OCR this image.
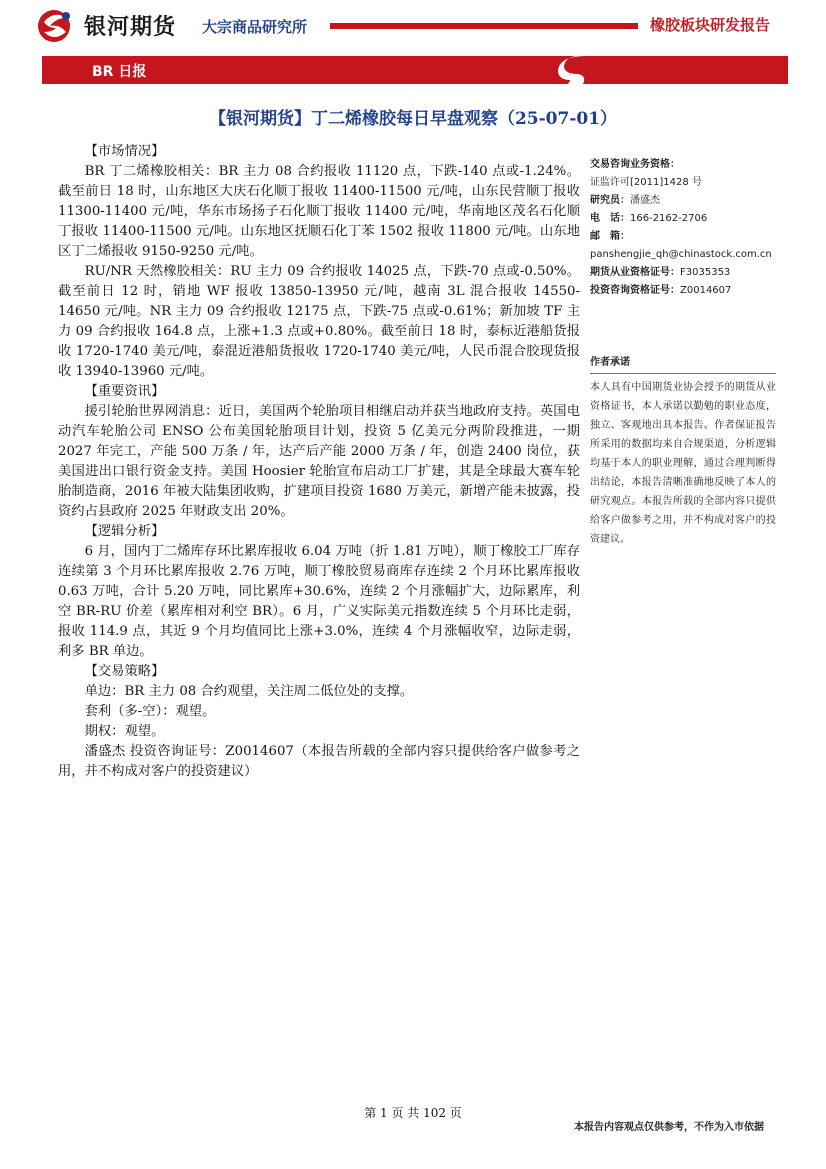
银河期货 大宗商品研究所	橡胶板块研发报告
BR 日报
【银河期货】丁二烯橡胶每日早盘观察（25-07-01）

【市场情况】

BR 丁二烯橡胶相关：BR 主力 08 合约报收 11120 点，下跌-140 点或-1.24%。截至前日 18 时，山东地区大庆石化顺丁报收 11400-11500 元/吨，山东民营顺丁报收 11300-11400 元/吨，华东市场扬子石化顺丁报收 11400 元/吨，华南地区茂名石化顺丁报收 11400-11500 元/吨。山东地区抚顺石化丁苯 1502 报收 11800 元/吨。山东地区丁二烯报收 9150-9250 元/吨。

RU/NR 天然橡胶相关：RU 主力 09 合约报收 14025 点，下跌-70 点或-0.50%。截至前日 12 时，销地 WF 报收 13850-13950 元/吨，越南 3L 混合报收 14550-14650 元/吨。NR 主力 09 合约报收 12175 点，下跌-75 点或-0.61%；新加坡 TF 主力 09 合约报收 164.8 点，上涨+1.3 点或+0.80%。截至前日 18 时，泰标近港船货报收 1720-1740 美元/吨，泰混近港船货报收 1720-1740 美元/吨，人民币混合胶现货报收 13940-13960 元/吨。

【重要资讯】

援引轮胎世界网消息：近日，美国两个轮胎项目相继启动并获当地政府支持。英国电动汽车轮胎公司 ENSO 公布美国轮胎项目计划，投资 5 亿美元分两阶段推进，一期 2027 年完工，产能 500 万条 / 年，达产后产能 2000 万条 / 年，创造 2400 岗位，获美国进出口银行资金支持。美国 Hoosier 轮胎宣布启动工厂扩建，其是全球最大赛车轮胎制造商，2016 年被大陆集团收购，扩建项目投资 1680 万美元，新增产能未披露，投资约占县政府 2025 年财政支出 20%。

【逻辑分析】

6 月，国内丁二烯库存环比累库报收 6.04 万吨（折 1.81 万吨），顺丁橡胶工厂库存连续第 3 个月环比累库报收 2.76 万吨，顺丁橡胶贸易商库存连续 2 个月环比累库报收 0.63 万吨，合计 5.20 万吨，同比累库+30.6%，连续 2 个月涨幅扩大，边际累库，利空 BR-RU 价差（累库相对利空 BR）。6 月，广义实际美元指数连续 5 个月环比走弱，报收 114.9 点，其近 9 个月均值同比上涨+3.0%，连续 4 个月涨幅收窄，边际走弱，利多 BR 单边。

【交易策略】

单边：BR 主力 08 合约观望，关注周二低位处的支撑。

套利（多-空）：观望。

期权：观望。

潘盛杰 投资咨询证号：Z0014607（本报告所载的全部内容只提供给客户做参考之用，并不构成对客户的投资建议）

交易咨询业务资格：
证监许可[2011]1428 号
研究员：潘盛杰
电　话：166-2162-2706
邮　箱：
panshengjie_qh@chinastock.com.cn
期货从业资格证号：F3035353
投资咨询资格证号：Z0014607
作者承诺
本人具有中国期货业协会授予的期货从业资格证书，本人承诺以勤勉的职业态度，独立、客观地出具本报告。作者保证报告所采用的数据均来自合规渠道，分析逻辑均基于本人的职业理解，通过合理判断得出结论，本报告清晰准确地反映了本人的研究观点。本报告所载的全部内容只提供给客户做参考之用，并不构成对客户的投资建议。
第 1 页 共 102 页
本报告内容观点仅供参考，不作为入市依据
